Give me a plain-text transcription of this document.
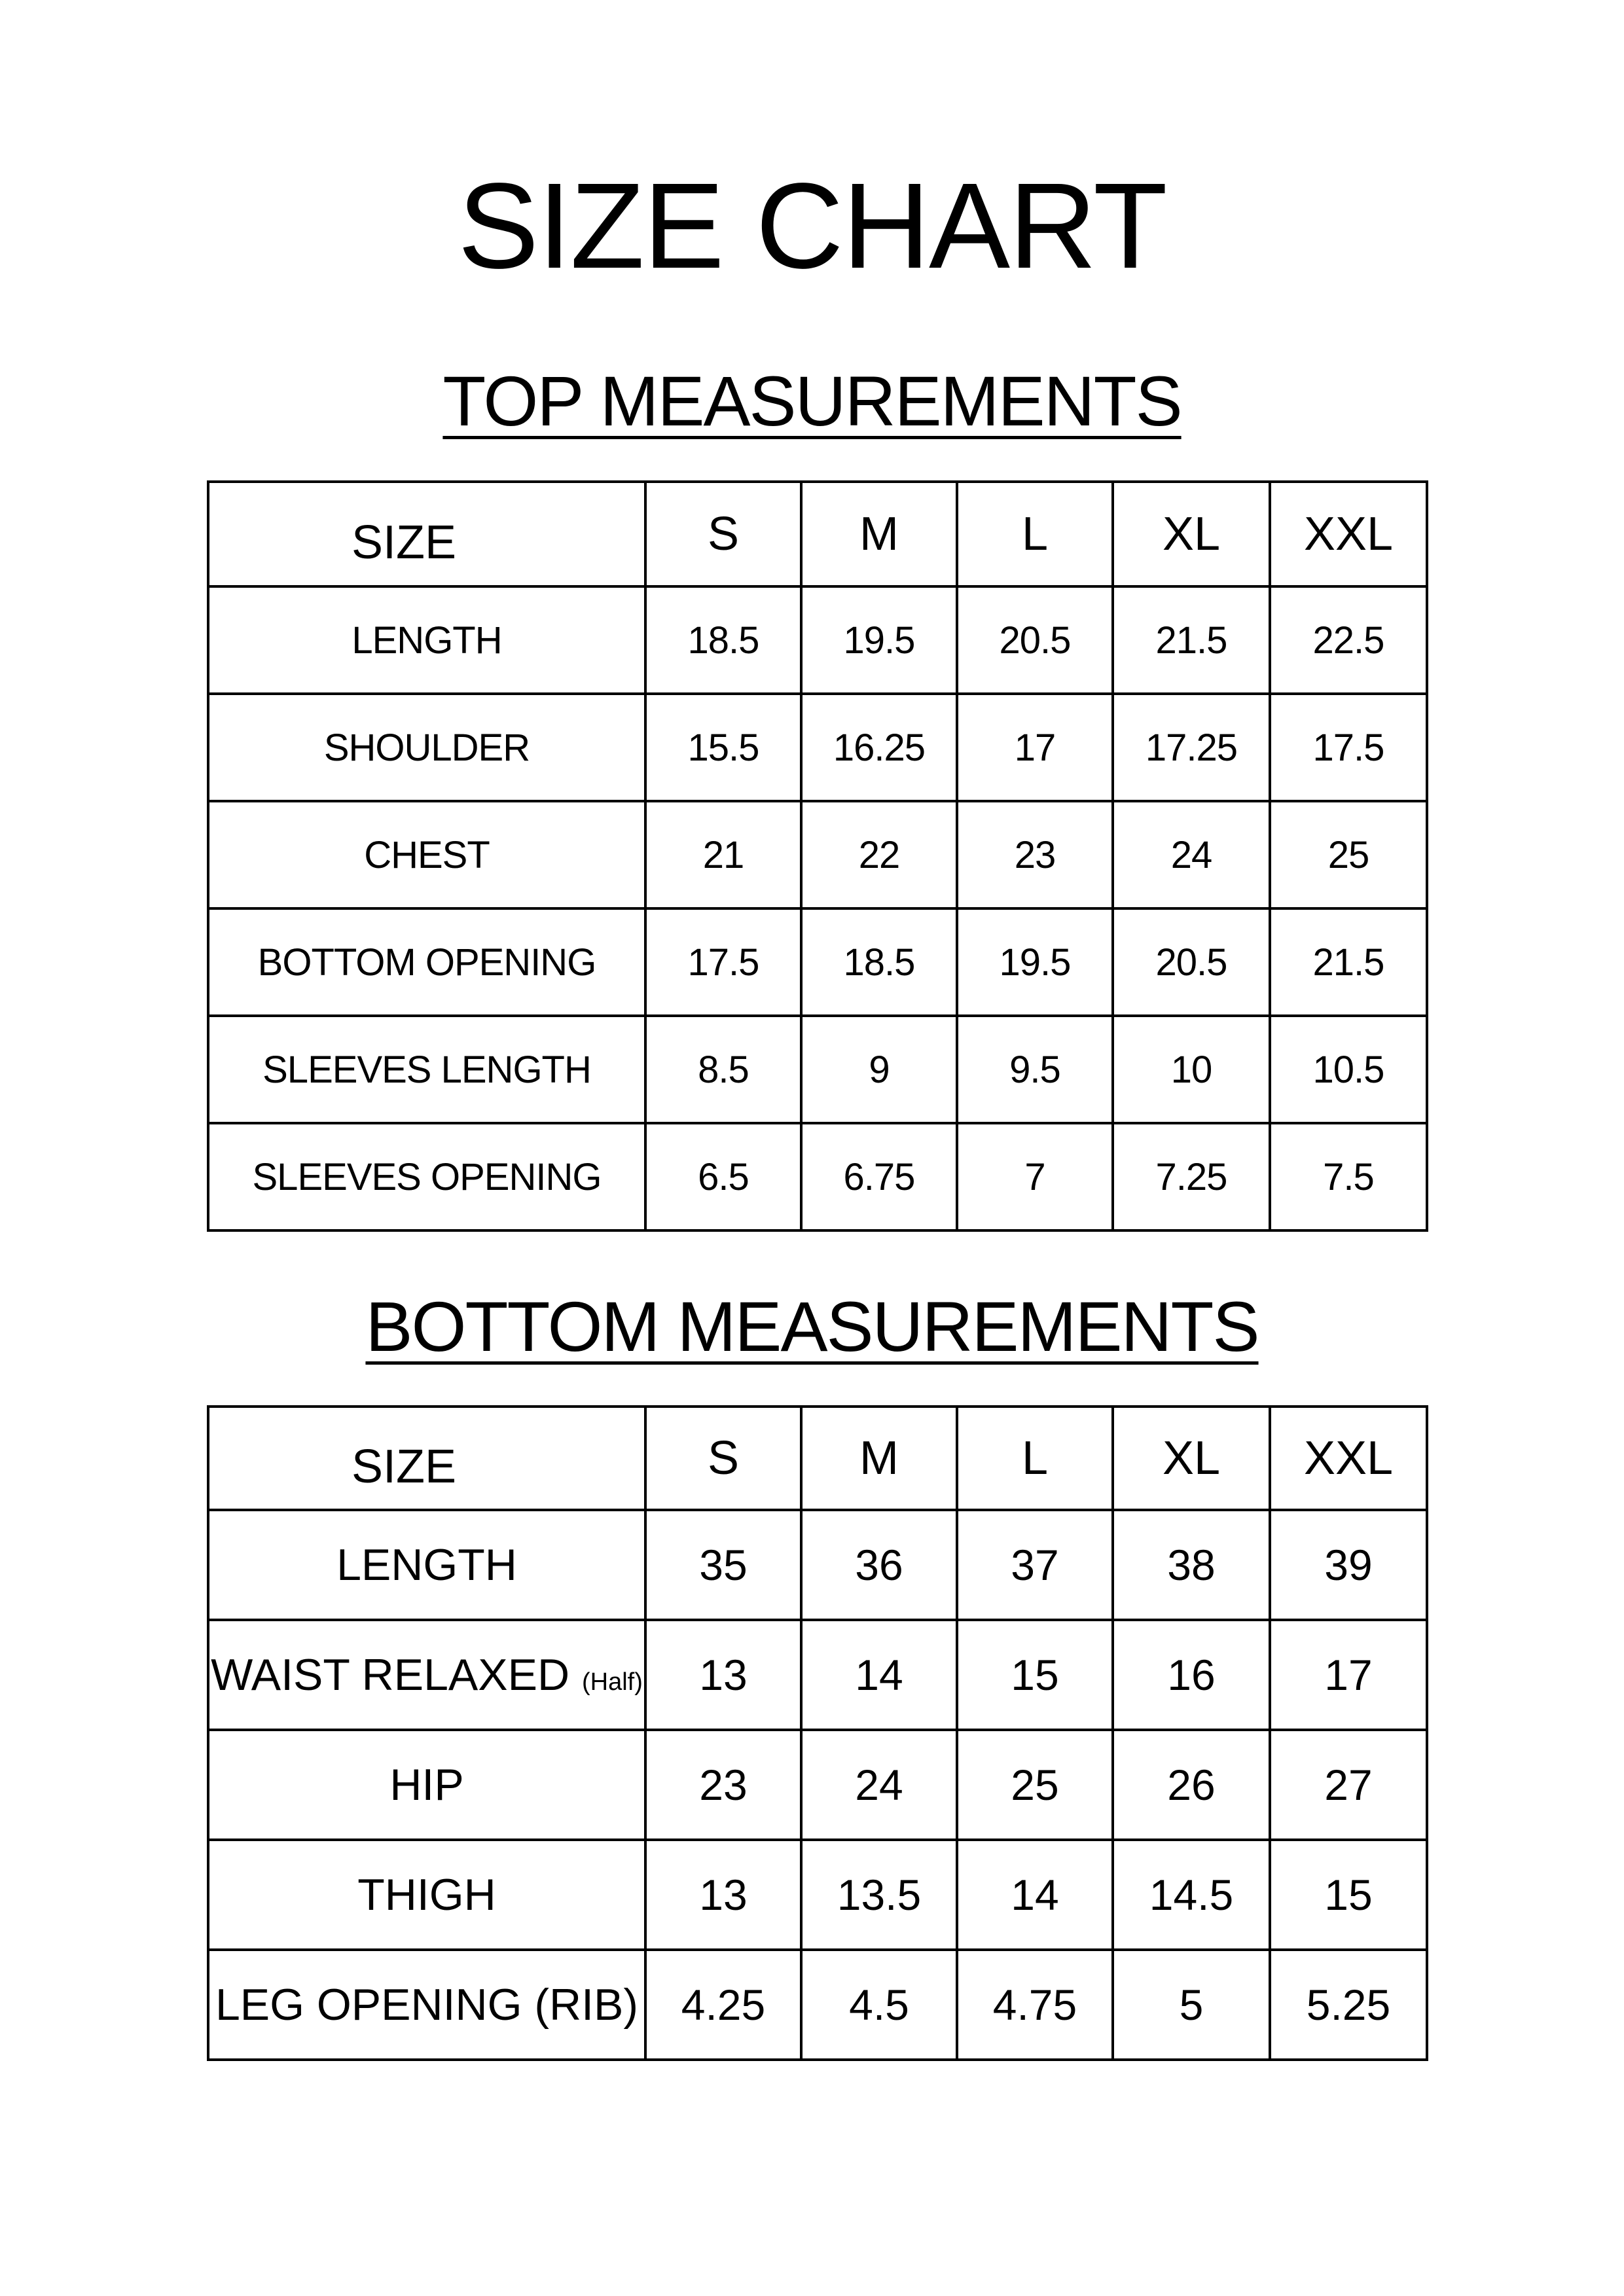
SIZE CHART
TOP MEASUREMENTS
SIZE	S	M	L	XL	XXL
LENGTH	18.5	19.5	20.5	21.5	22.5
SHOULDER	15.5	16.25	17	17.25	17.5
CHEST	21	22	23	24	25
BOTTOM OPENING	17.5	18.5	19.5	20.5	21.5
SLEEVES LENGTH	8.5	9	9.5	10	10.5
SLEEVES OPENING	6.5	6.75	7	7.25	7.5
BOTTOM MEASUREMENTS
SIZE	S	M	L	XL	XXL
LENGTH	35	36	37	38	39
WAIST RELAXED (Half)	13	14	15	16	17
HIP	23	24	25	26	27
THIGH	13	13.5	14	14.5	15
LEG OPENING (RIB)	4.25	4.5	4.75	5	5.25
